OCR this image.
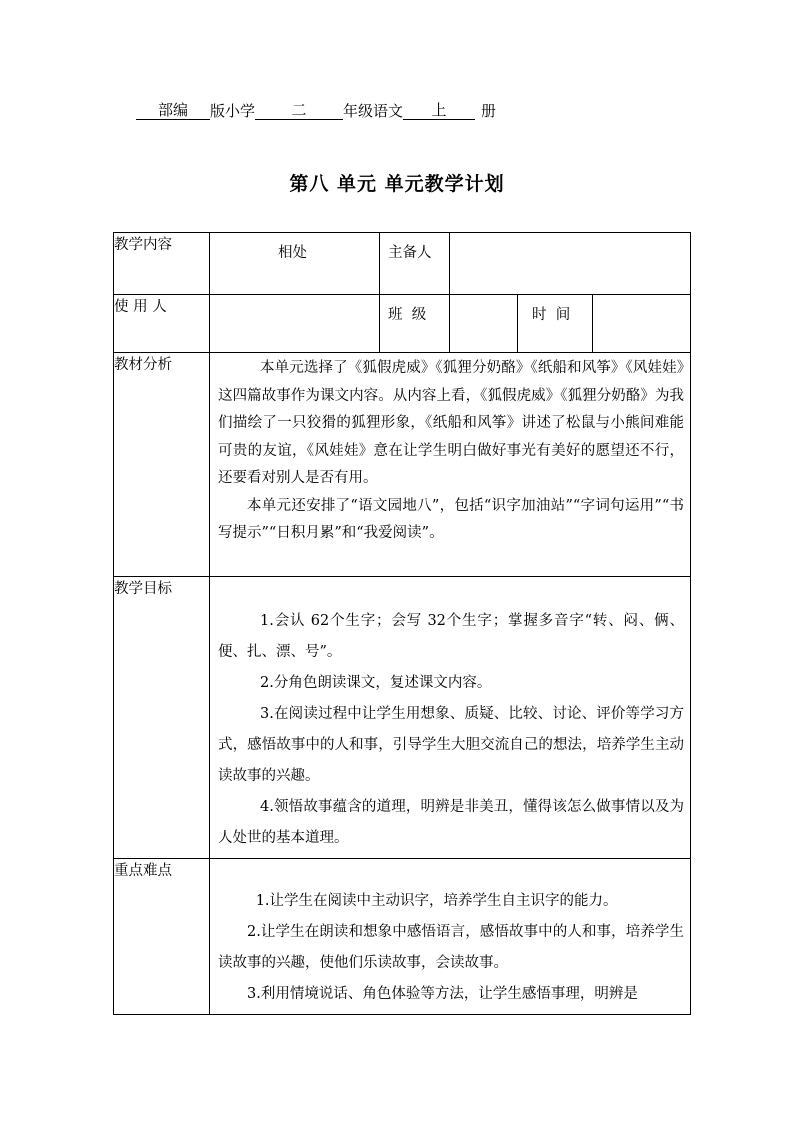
部编 版小学 二 年级语文 上 册
第八 单元 单元教学计划
教学内容	相处	主备人			
使 用 人		班  级		时  间	
教材分析	本单元选择了《狐假虎威》《狐狸分奶酪》《纸船和风筝》《风娃娃》这四篇故事作为课文内容。从内容上看，《狐假虎威》《狐狸分奶酪》为我们描绘了一只狡猾的狐狸形象，《纸船和风筝》讲述了松鼠与小熊间难能可贵的友谊，《风娃娃》意在让学生明白做好事光有美好的愿望还不行，还要看对别人是否有用。

本单元还安排了“语文园地八”，包括“识字加油站”“字词句运用”“书写提示”“日积月累”和“我爱阅读”。				

教学目标	1.会认 62个生字；会写 32个生字；掌握多音字“转、闷、俩、便、扎、漂、号”。

2.分角色朗读课文，复述课文内容。

3.在阅读过程中让学生用想象、质疑、比较、讨论、评价等学习方式，感悟故事中的人和事，引导学生大胆交流自己的想法，培养学生主动读故事的兴趣。

4.领悟故事蕴含的道理，明辨是非美丑，懂得该怎么做事情以及为人处世的基本道理。				

重点难点	1.让学生在阅读中主动识字，培养学生自主识字的能力。

2.让学生在朗读和想象中感悟语言，感悟故事中的人和事，培养学生读故事的兴趣，使他们乐读故事，会读故事。

3.利用情境说话、角色体验等方法，让学生感悟事理，明辨是				
